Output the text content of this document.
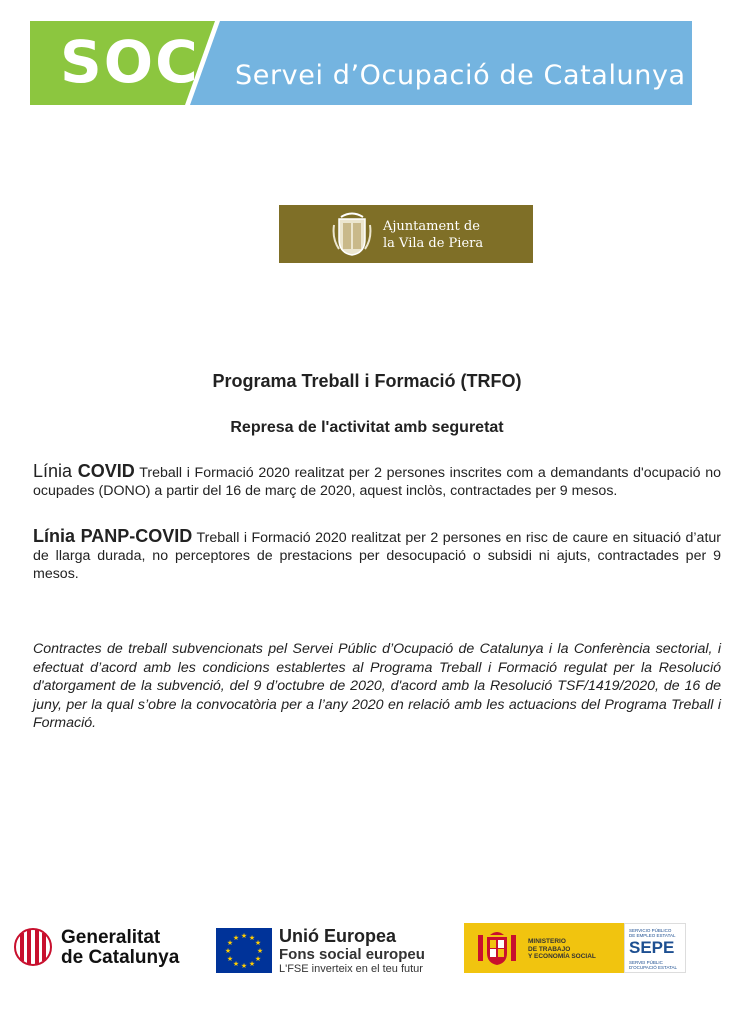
SOC Servei d’Ocupació de Catalunya
Ajuntament de
la Vila de Piera
Programa Treball i Formació (TRFO)
Represa de l'activitat amb seguretat
Línia COVID Treball i Formació 2020 realitzat per 2 persones inscrites com a demandants d'ocupació no ocupades (DONO) a partir del 16 de març de 2020, aquest inclòs, contractades per 9 mesos.
Línia PANP-COVID Treball i Formació 2020 realitzat per 2 persones en risc de caure en situació d’atur de llarga durada, no perceptores de prestacions per desocupació o subsidi ni ajuts, contractades per 9 mesos.
Contractes de treball subvencionats pel Servei Públic d’Ocupació de Catalunya i la Conferència sectorial, i efectuat d’acord amb les condicions establertes al Programa Treball i Formació regulat per la Resolució d'atorgament de la subvenció, del 9 d’octubre de 2020, d'acord amb la Resolució TSF/1419/2020, de 16 de juny, per la qual s’obre la convocatòria per a l’any 2020 en relació amb les actuacions del Programa Treball i Formació.
Generalitat
de Catalunya
★ ★
★
★
★
★
★
★
★
★
★
★ Unió Europea
Fons social europeu
L'FSE inverteix en el teu futur
MINISTERIO
DE TRABAJO
Y ECONOMÍA SOCIAL
SERVICIO PÚBLICO
DE EMPLEO ESTATAL
SEPE
SERVEI PÚBLIC
D'OCUPACIÓ ESTATAL
